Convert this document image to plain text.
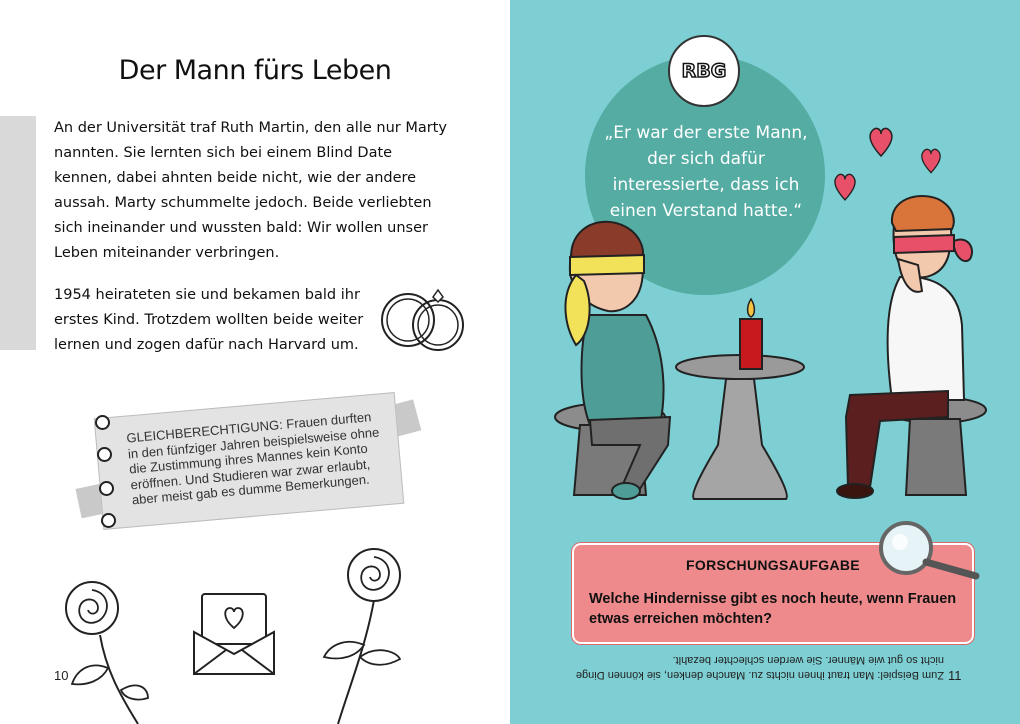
Der Mann fürs Leben

An der Universität traf Ruth Martin, den alle nur Marty nannten. Sie lernten sich bei einem Blind Date kennen, dabei ahnten beide nicht, wie der andere aussah. Marty schummelte jedoch. Beide verliebten sich ineinander und wussten bald: Wir wollen unser Leben miteinander verbringen.

1954 heirateten sie und bekamen bald ihr erstes Kind. Trotzdem wollten beide weiter lernen und zogen dafür nach Harvard um.

GLEICHBERECHTIGUNG: Frauen durften in den fünfziger Jahren beispielsweise ohne die Zustimmung ihres Mannes kein Konto eröffnen. Und Studieren war zwar erlaubt, aber meist gab es dumme Bemerkungen.

10

„Er war der erste Mann, der sich dafür interessierte, dass ich einen Verstand hatte.“

RBG

FORSCHUNGSAUFGABE

Welche Hindernisse gibt es noch heute, wenn Frauen etwas erreichen möchten?

Zum Beispiel: Man traut ihnen nichts zu. Manche denken, sie können Dinge nicht so gut wie Männer. Sie werden schlechter bezahlt.

11
